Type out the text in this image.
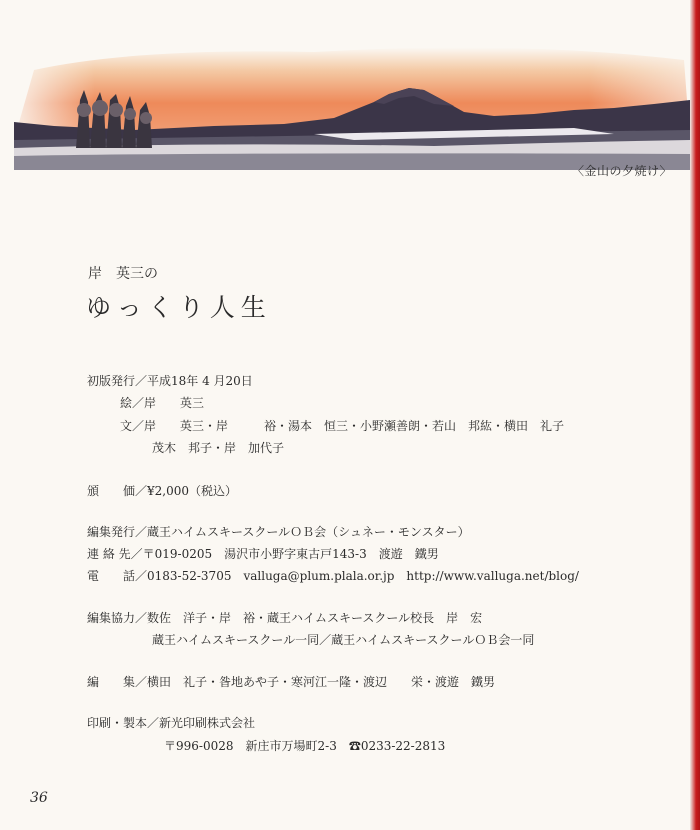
〈金山の夕焼け〉
岸　英三の
ゆっくり人生
初版発行／平成18年 4 月20日
絵／岸　　英三
文／岸　　英三・岸　　　裕・湯本　恒三・小野瀬善朗・若山　邦紘・横田　礼子
茂木　邦子・岸　加代子
頒　　価／¥2,000（税込）
編集発行／蔵王ハイムスキースクールＯＢ会（シュネー・モンスター）
連 絡 先／〒019-0205　湯沢市小野字東古戸143-3　渡遊　鐵男
電　　話／0183-52-3705　valluga@plum.plala.or.jp　http://www.valluga.net/blog/
編集協力／数佐　洋子・岸　裕・蔵王ハイムスキースクール校長　岸　宏
蔵王ハイムスキースクール一同／蔵王ハイムスキースクールＯＢ会一同
編　　集／横田　礼子・昝地あや子・寒河江一隆・渡辺　　栄・渡遊　鐵男
印刷・製本／新光印刷株式会社
〒996-0028　新庄市万場町2-3　☎0233-22-2813
36
